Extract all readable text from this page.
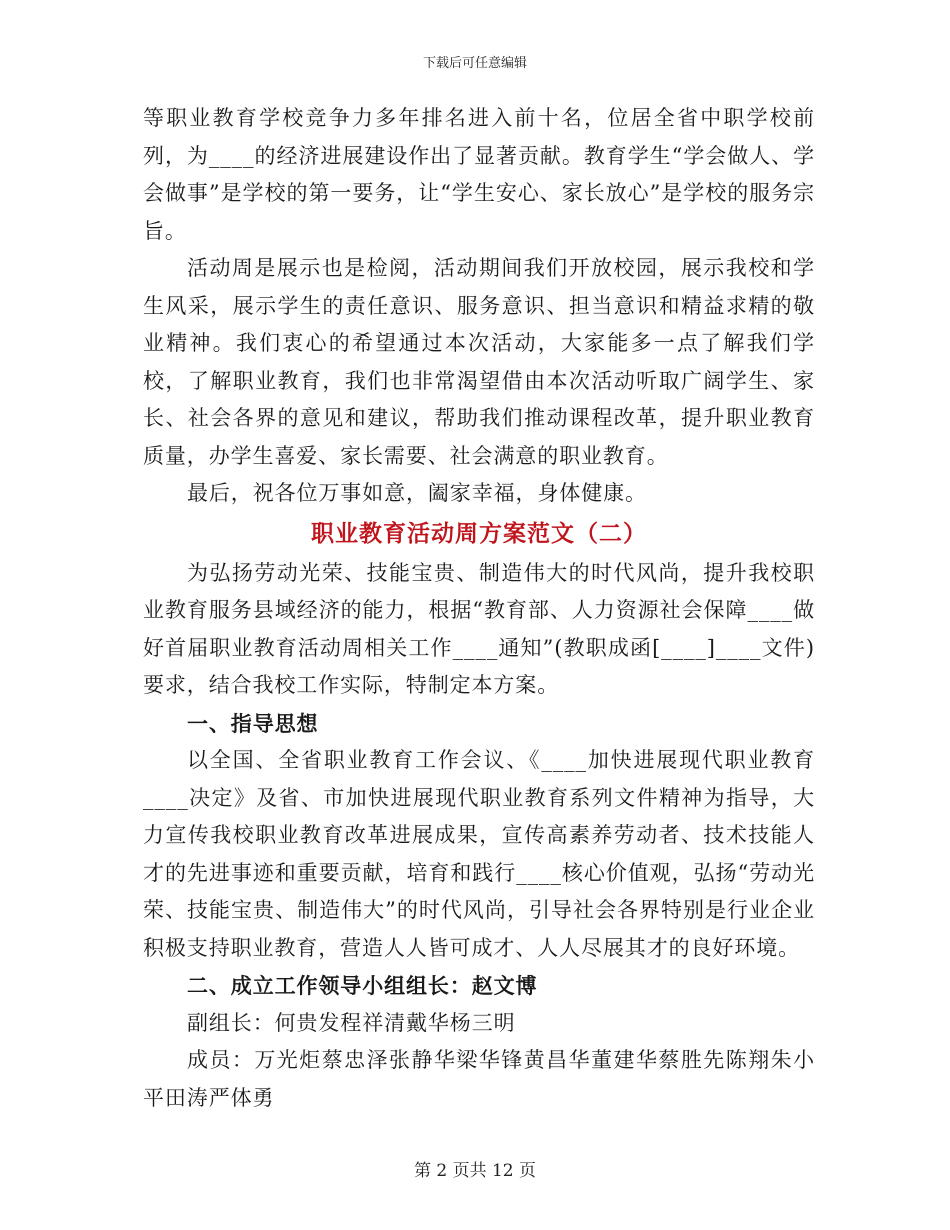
下载后可任意编辑

等职业教育学校竞争力多年排名进入前十名，位居全省中职学校前列，为____的经济进展建设作出了显著贡献。教育学生“学会做人、学会做事”是学校的第一要务，让“学生安心、家长放心”是学校的服务宗旨。

活动周是展示也是检阅，活动期间我们开放校园，展示我校和学生风采，展示学生的责任意识、服务意识、担当意识和精益求精的敬业精神。我们衷心的希望通过本次活动，大家能多一点了解我们学校，了解职业教育，我们也非常渴望借由本次活动听取广阔学生、家长、社会各界的意见和建议，帮助我们推动课程改革，提升职业教育质量，办学生喜爱、家长需要、社会满意的职业教育。

最后，祝各位万事如意，阖家幸福，身体健康。

职业教育活动周方案范文（二）

为弘扬劳动光荣、技能宝贵、制造伟大的时代风尚，提升我校职业教育服务县域经济的能力，根据“教育部、人力资源社会保障____做好首届职业教育活动周相关工作____通知”(教职成函[____]____文件)要求，结合我校工作实际，特制定本方案。

一、指导思想

以全国、全省职业教育工作会议、《____加快进展现代职业教育____决定》及省、市加快进展现代职业教育系列文件精神为指导，大力宣传我校职业教育改革进展成果，宣传高素养劳动者、技术技能人才的先进事迹和重要贡献，培育和践行____核心价值观，弘扬“劳动光荣、技能宝贵、制造伟大”的时代风尚，引导社会各界特别是行业企业积极支持职业教育，营造人人皆可成才、人人尽展其才的良好环境。

二、成立工作领导小组组长：赵文博

副组长：何贵发程祥清戴华杨三明

成员：万光炬蔡忠泽张静华梁华锋黄昌华董建华蔡胜先陈翔朱小平田涛严体勇

第 2 页共 12 页
